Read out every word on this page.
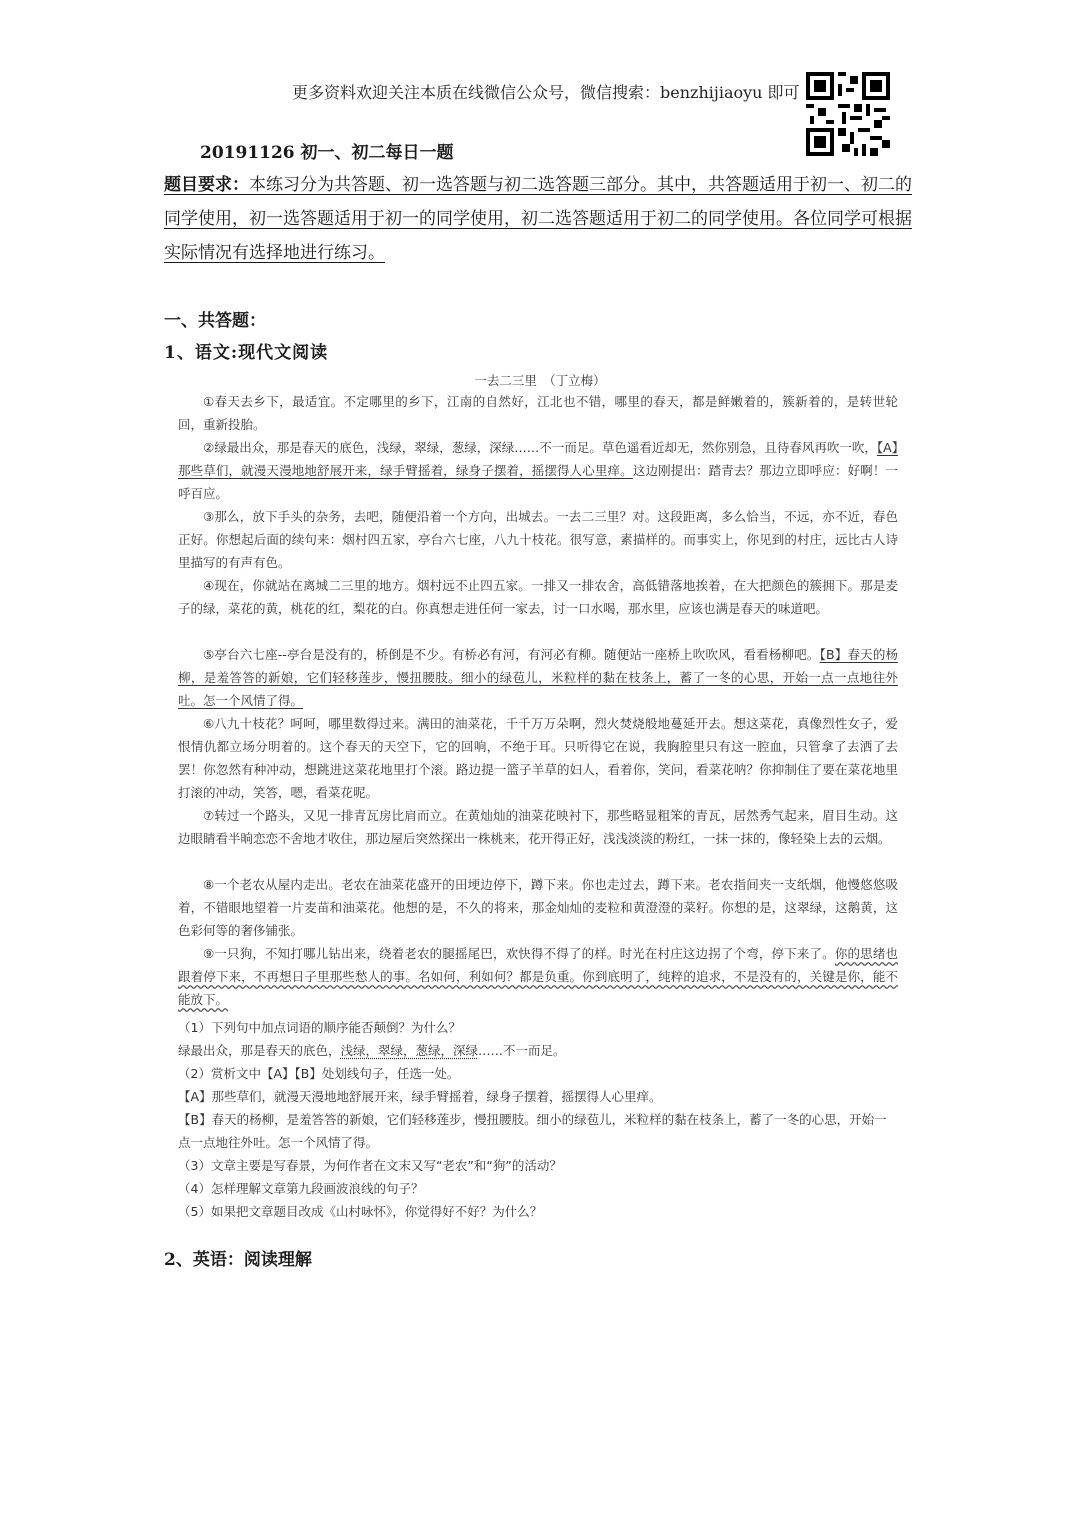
更多资料欢迎关注本质在线微信公众号，微信搜索：benzhijiaoyu 即可
20191126 初一、初二每日一题
题目要求：本练习分为共答题、初一选答题与初二选答题三部分。其中，共答题适用于初一、初二的同学使用，初一选答题适用于初一的同学使用，初二选答题适用于初二的同学使用。各位同学可根据实际情况有选择地进行练习。
一、共答题：
1、语文:现代文阅读
一去二三里　（丁立梅）
①春天去乡下，最适宜。不定哪里的乡下，江南的自然好，江北也不错，哪里的春天，都是鲜嫩着的，簇新着的，是转世轮回，重新投胎。
②绿最出众，那是春天的底色，浅绿，翠绿，葱绿，深绿……不一而足。草色遥看近却无，然你别急，且待春风再吹一吹，【A】那些草们，就漫天漫地地舒展开来，绿手臂摇着，绿身子摆着，摇摆得人心里痒。这边刚提出：踏青去？那边立即呼应：好啊！一呼百应。
③那么，放下手头的杂务，去吧，随便沿着一个方向，出城去。一去二三里？对。这段距离，多么恰当，不远，亦不近，春色正好。你想起后面的续句来：烟村四五家，亭台六七座，八九十枝花。很写意，素描样的。而事实上，你见到的村庄，远比古人诗里描写的有声有色。
④现在，你就站在离城二三里的地方。烟村远不止四五家。一排又一排农舍，高低错落地挨着，在大把颜色的簇拥下。那是麦子的绿，菜花的黄，桃花的红，梨花的白。你真想走进任何一家去，讨一口水喝，那水里，应该也满是春天的味道吧。
⑤亭台六七座--亭台是没有的，桥倒是不少。有桥必有河，有河必有柳。随便站一座桥上吹吹风，看看杨柳吧。【B】春天的杨柳，是羞答答的新娘，它们轻移莲步，慢扭腰肢。细小的绿苞儿，米粒样的黏在枝条上，蓄了一冬的心思，开始一点一点地往外吐。怎一个风情了得。
⑥八九十枝花？呵呵，哪里数得过来。满田的油菜花，千千万万朵啊，烈火焚烧般地蔓延开去。想这菜花，真像烈性女子，爱恨情仇都立场分明着的。这个春天的天空下，它的回响，不绝于耳。只听得它在说，我胸腔里只有这一腔血，只管拿了去洒了去罢！你忽然有种冲动，想跳进这菜花地里打个滚。路边提一篮子羊草的妇人，看着你，笑问，看菜花呐？你抑制住了要在菜花地里打滚的冲动，笑答，嗯，看菜花呢。
⑦转过一个路头，又见一排青瓦房比肩而立。在黄灿灿的油菜花映衬下，那些略显粗笨的青瓦，居然秀气起来，眉目生动。这边眼睛看半晌恋恋不舍地才收住，那边屋后突然探出一株桃来，花开得正好，浅浅淡淡的粉红，一抹一抹的，像轻染上去的云烟。
⑧一个老农从屋内走出。老农在油菜花盛开的田埂边停下，蹲下来。你也走过去，蹲下来。老农指间夹一支纸烟，他慢悠悠吸着，不错眼地望着一片麦苗和油菜花。他想的是，不久的将来，那金灿灿的麦粒和黄澄澄的菜籽。你想的是，这翠绿，这鹅黄，这色彩何等的奢侈铺张。
⑨一只狗，不知打哪儿钻出来，绕着老农的腿摇尾巴，欢快得不得了的样。时光在村庄这边拐了个弯，停下来了。你的思绪也跟着停下来，不再想日子里那些愁人的事。名如何，利如何？都是负重。你到底明了，纯粹的追求，不是没有的，关键是你，能不能放下。
（1）下列句中加点词语的顺序能否颠倒？为什么？
绿最出众，那是春天的底色，浅绿，翠绿，葱绿，深绿……不一而足。
（2）赏析文中【A】【B】处划线句子，任选一处。
【A】那些草们，就漫天漫地地舒展开来，绿手臂摇着，绿身子摆着，摇摆得人心里痒。
【B】春天的杨柳，是羞答答的新娘，它们轻移莲步，慢扭腰肢。细小的绿苞儿，米粒样的黏在枝条上，蓄了一冬的心思，开始一点一点地往外吐。怎一个风情了得。
（3）文章主要是写春景，为何作者在文末又写“老农”和“狗”的活动？
（4）怎样理解文章第九段画波浪线的句子？
（5）如果把文章题目改成《山村咏怀》，你觉得好不好？为什么？
2、英语：阅读理解
